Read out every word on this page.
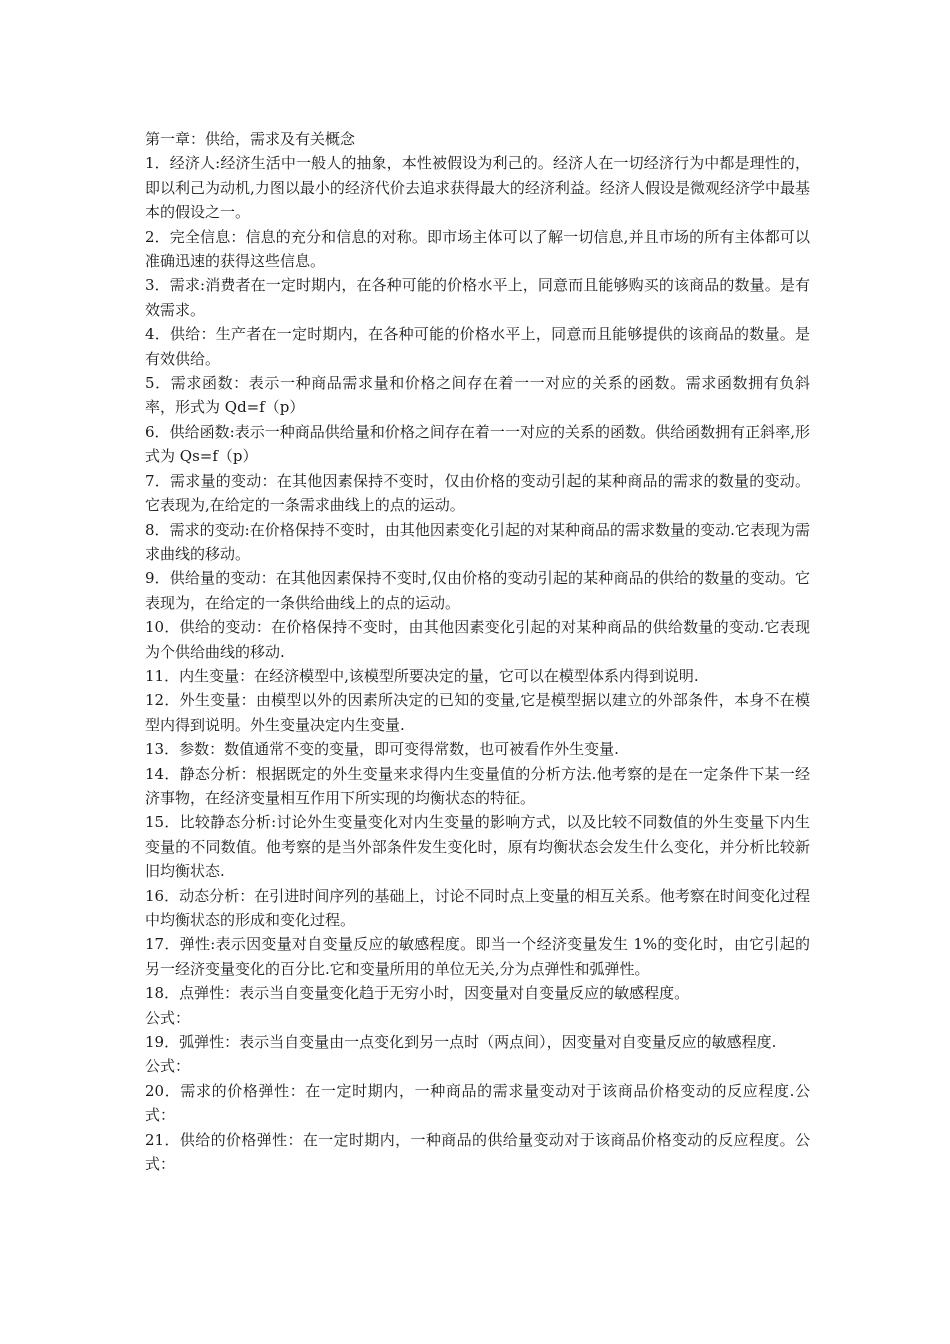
第一章：供给，需求及有关概念

1．经济人:经济生活中一般人的抽象，本性被假设为利己的。经济人在一切经济行为中都是理性的，即以利己为动机,力图以最小的经济代价去追求获得最大的经济利益。经济人假设是微观经济学中最基本的假设之一。

2．完全信息：信息的充分和信息的对称。即市场主体可以了解一切信息,并且市场的所有主体都可以准确迅速的获得这些信息。

3．需求:消费者在一定时期内，在各种可能的价格水平上，同意而且能够购买的该商品的数量。是有效需求。

4．供给：生产者在一定时期内，在各种可能的价格水平上，同意而且能够提供的该商品的数量。是有效供给。

5．需求函数：表示一种商品需求量和价格之间存在着一一对应的关系的函数。需求函数拥有负斜率，形式为 Qd=f（p）

6．供给函数:表示一种商品供给量和价格之间存在着一一对应的关系的函数。供给函数拥有正斜率,形式为 Qs=f（p）

7．需求量的变动：在其他因素保持不变时，仅由价格的变动引起的某种商品的需求的数量的变动。它表现为,在给定的一条需求曲线上的点的运动。

8．需求的变动:在价格保持不变时，由其他因素变化引起的对某种商品的需求数量的变动.它表现为需求曲线的移动。

9．供给量的变动：在其他因素保持不变时,仅由价格的变动引起的某种商品的供给的数量的变动。它表现为，在给定的一条供给曲线上的点的运动。

10．供给的变动：在价格保持不变时，由其他因素变化引起的对某种商品的供给数量的变动.它表现为个供给曲线的移动.

11．内生变量：在经济模型中,该模型所要决定的量，它可以在模型体系内得到说明.

12．外生变量：由模型以外的因素所决定的已知的变量,它是模型据以建立的外部条件，本身不在模型内得到说明。外生变量决定内生变量.

13．参数：数值通常不变的变量，即可变得常数，也可被看作外生变量.

14．静态分析：根据既定的外生变量来求得内生变量值的分析方法.他考察的是在一定条件下某一经济事物，在经济变量相互作用下所实现的均衡状态的特征。

15．比较静态分析:讨论外生变量变化对内生变量的影响方式，以及比较不同数值的外生变量下内生变量的不同数值。他考察的是当外部条件发生变化时，原有均衡状态会发生什么变化，并分析比较新旧均衡状态.

16．动态分析：在引进时间序列的基础上，讨论不同时点上变量的相互关系。他考察在时间变化过程中均衡状态的形成和变化过程。

17．弹性:表示因变量对自变量反应的敏感程度。即当一个经济变量发生 1%的变化时，由它引起的另一经济变量变化的百分比.它和变量所用的单位无关,分为点弹性和弧弹性。

18．点弹性：表示当自变量变化趋于无穷小时，因变量对自变量反应的敏感程度。

公式：

19．弧弹性：表示当自变量由一点变化到另一点时（两点间），因变量对自变量反应的敏感程度.

公式：

20．需求的价格弹性：在一定时期内，一种商品的需求量变动对于该商品价格变动的反应程度.公式：

21．供给的价格弹性：在一定时期内，一种商品的供给量变动对于该商品价格变动的反应程度。公式：
